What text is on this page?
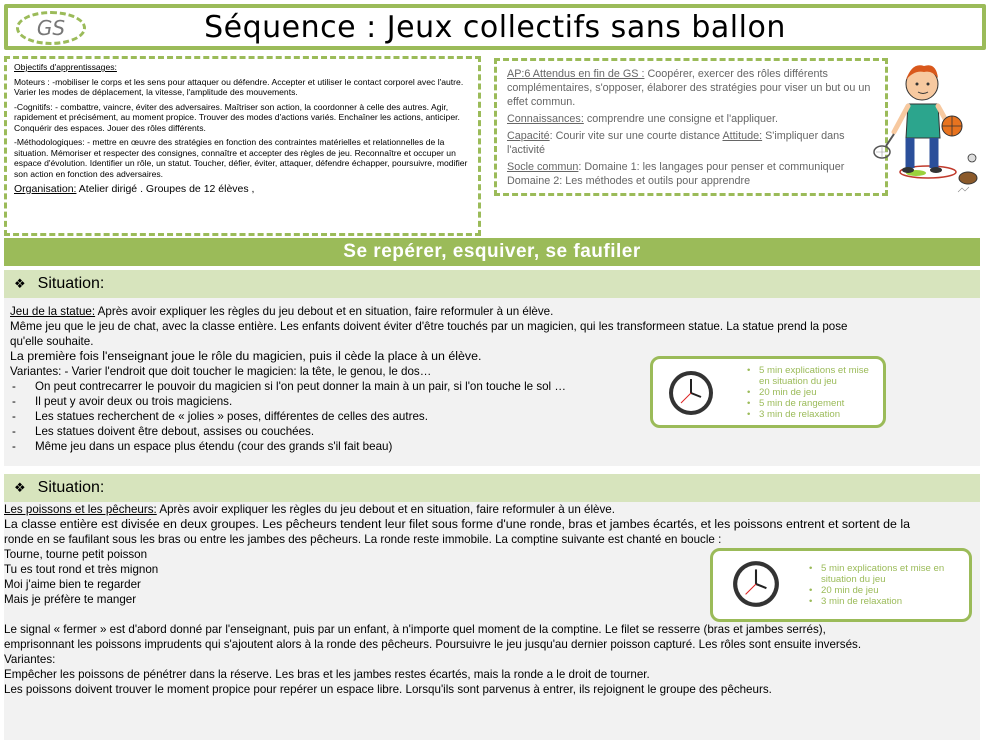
GS	Séquence : Jeux collectifs sans ballon

Objectifs d'apprentissages:

Moteurs : -mobiliser le corps et les sens pour attaquer ou défendre. Accepter et utiliser le contact corporel avec l'autre. Varier les modes de déplacement, la vitesse, l'amplitude des mouvements.

-Cognitifs: - combattre, vaincre, éviter des adversaires. Maîtriser son action, la coordonner à celle des autres. Agir, rapidement et précisément, au moment propice. Trouver des modes d'actions variés. Enchaîner les actions, anticiper. Conquérir des espaces. Jouer des rôles différents.

-Méthodologiques: - mettre en œuvre des stratégies en fonction des contraintes matérielles et relationnelles de la situation. Mémoriser et respecter des consignes, connaître et accepter des règles de jeu. Reconnaître et occuper un espace d'évolution. Identifier un rôle, un statut. Toucher, défier, éviter, attaquer, défendre échapper, poursuivre, modifier son action en fonction des adversaires.

Organisation: Atelier dirigé . Groupes de 12 élèves ,

AP:6 Attendus en fin de GS : Coopérer, exercer des rôles différents complémentaires, s'opposer, élaborer des stratégies pour viser un but ou un effet commun.

Connaissances: comprendre une consigne et l'appliquer.

Capacité: Courir vite sur une courte distance Attitude: S'impliquer dans l'activité

Socle commun: Domaine 1: les langages pour penser et communiquer

Domaine 2: Les méthodes et outils pour apprendre

Se repérer, esquiver, se faufiler
❖ Situation:
Jeu de la statue: Après avoir expliquer les règles du jeu debout et en situation, faire reformuler à un élève.
Même jeu que le jeu de chat, avec la classe entière. Les enfants doivent éviter d'être touchés par un magicien, qui les transformeen statue. La statue prend la pose
qu'elle souhaite.
La première fois l'enseignant joue le rôle du magicien, puis il cède la place à un élève.
Variantes: - Varier l'endroit que doit toucher le magicien: la tête, le genou, le dos…
- On peut contrecarrer le pouvoir du magicien si l'on peut donner la main à un pair, si l'on touche le sol …
- Il peut y avoir deux ou trois magiciens.
- Les statues recherchent de « jolies » poses, différentes de celles des autres.
- Les statues doivent être debout, assises ou couchées.
- Même jeu dans un espace plus étendu (cour des grands s'il fait beau)
• 5 min explications et mise en situation du jeu
• 20 min de jeu
• 5 min de rangement
• 3 min de relaxation
❖ Situation:
Les poissons et les pêcheurs: Après avoir expliquer les règles du jeu debout et en situation, faire reformuler à un élève.
La classe entière est divisée en deux groupes. Les pêcheurs tendent leur filet sous forme d'une ronde, bras et jambes écartés, et les poissons entrent et sortent de la
ronde en se faufilant sous les bras ou entre les jambes des pêcheurs. La ronde reste immobile. La comptine suivante est chanté en boucle :
Tourne, tourne petit poisson
Tu es tout rond et très mignon
Moi j'aime bien te regarder
Mais je préfère te manger
Le signal « fermer » est d'abord donné par l'enseignant, puis par un enfant, à n'importe quel moment de la comptine. Le filet se resserre (bras et jambes serrés),
emprisonnant les poissons imprudents qui s'ajoutent alors à la ronde des pêcheurs. Poursuivre le jeu jusqu'au dernier poisson capturé. Les rôles sont ensuite inversés.
Variantes:
Empêcher les poissons de pénétrer dans la réserve. Les bras et les jambes restes écartés, mais la ronde a le droit de tourner.
Les poissons doivent trouver le moment propice pour repérer un espace libre. Lorsqu'ils sont parvenus à entrer, ils rejoignent le groupe des pêcheurs.
• 5 min explications et mise en situation du jeu
• 20 min de jeu
• 3 min de relaxation
